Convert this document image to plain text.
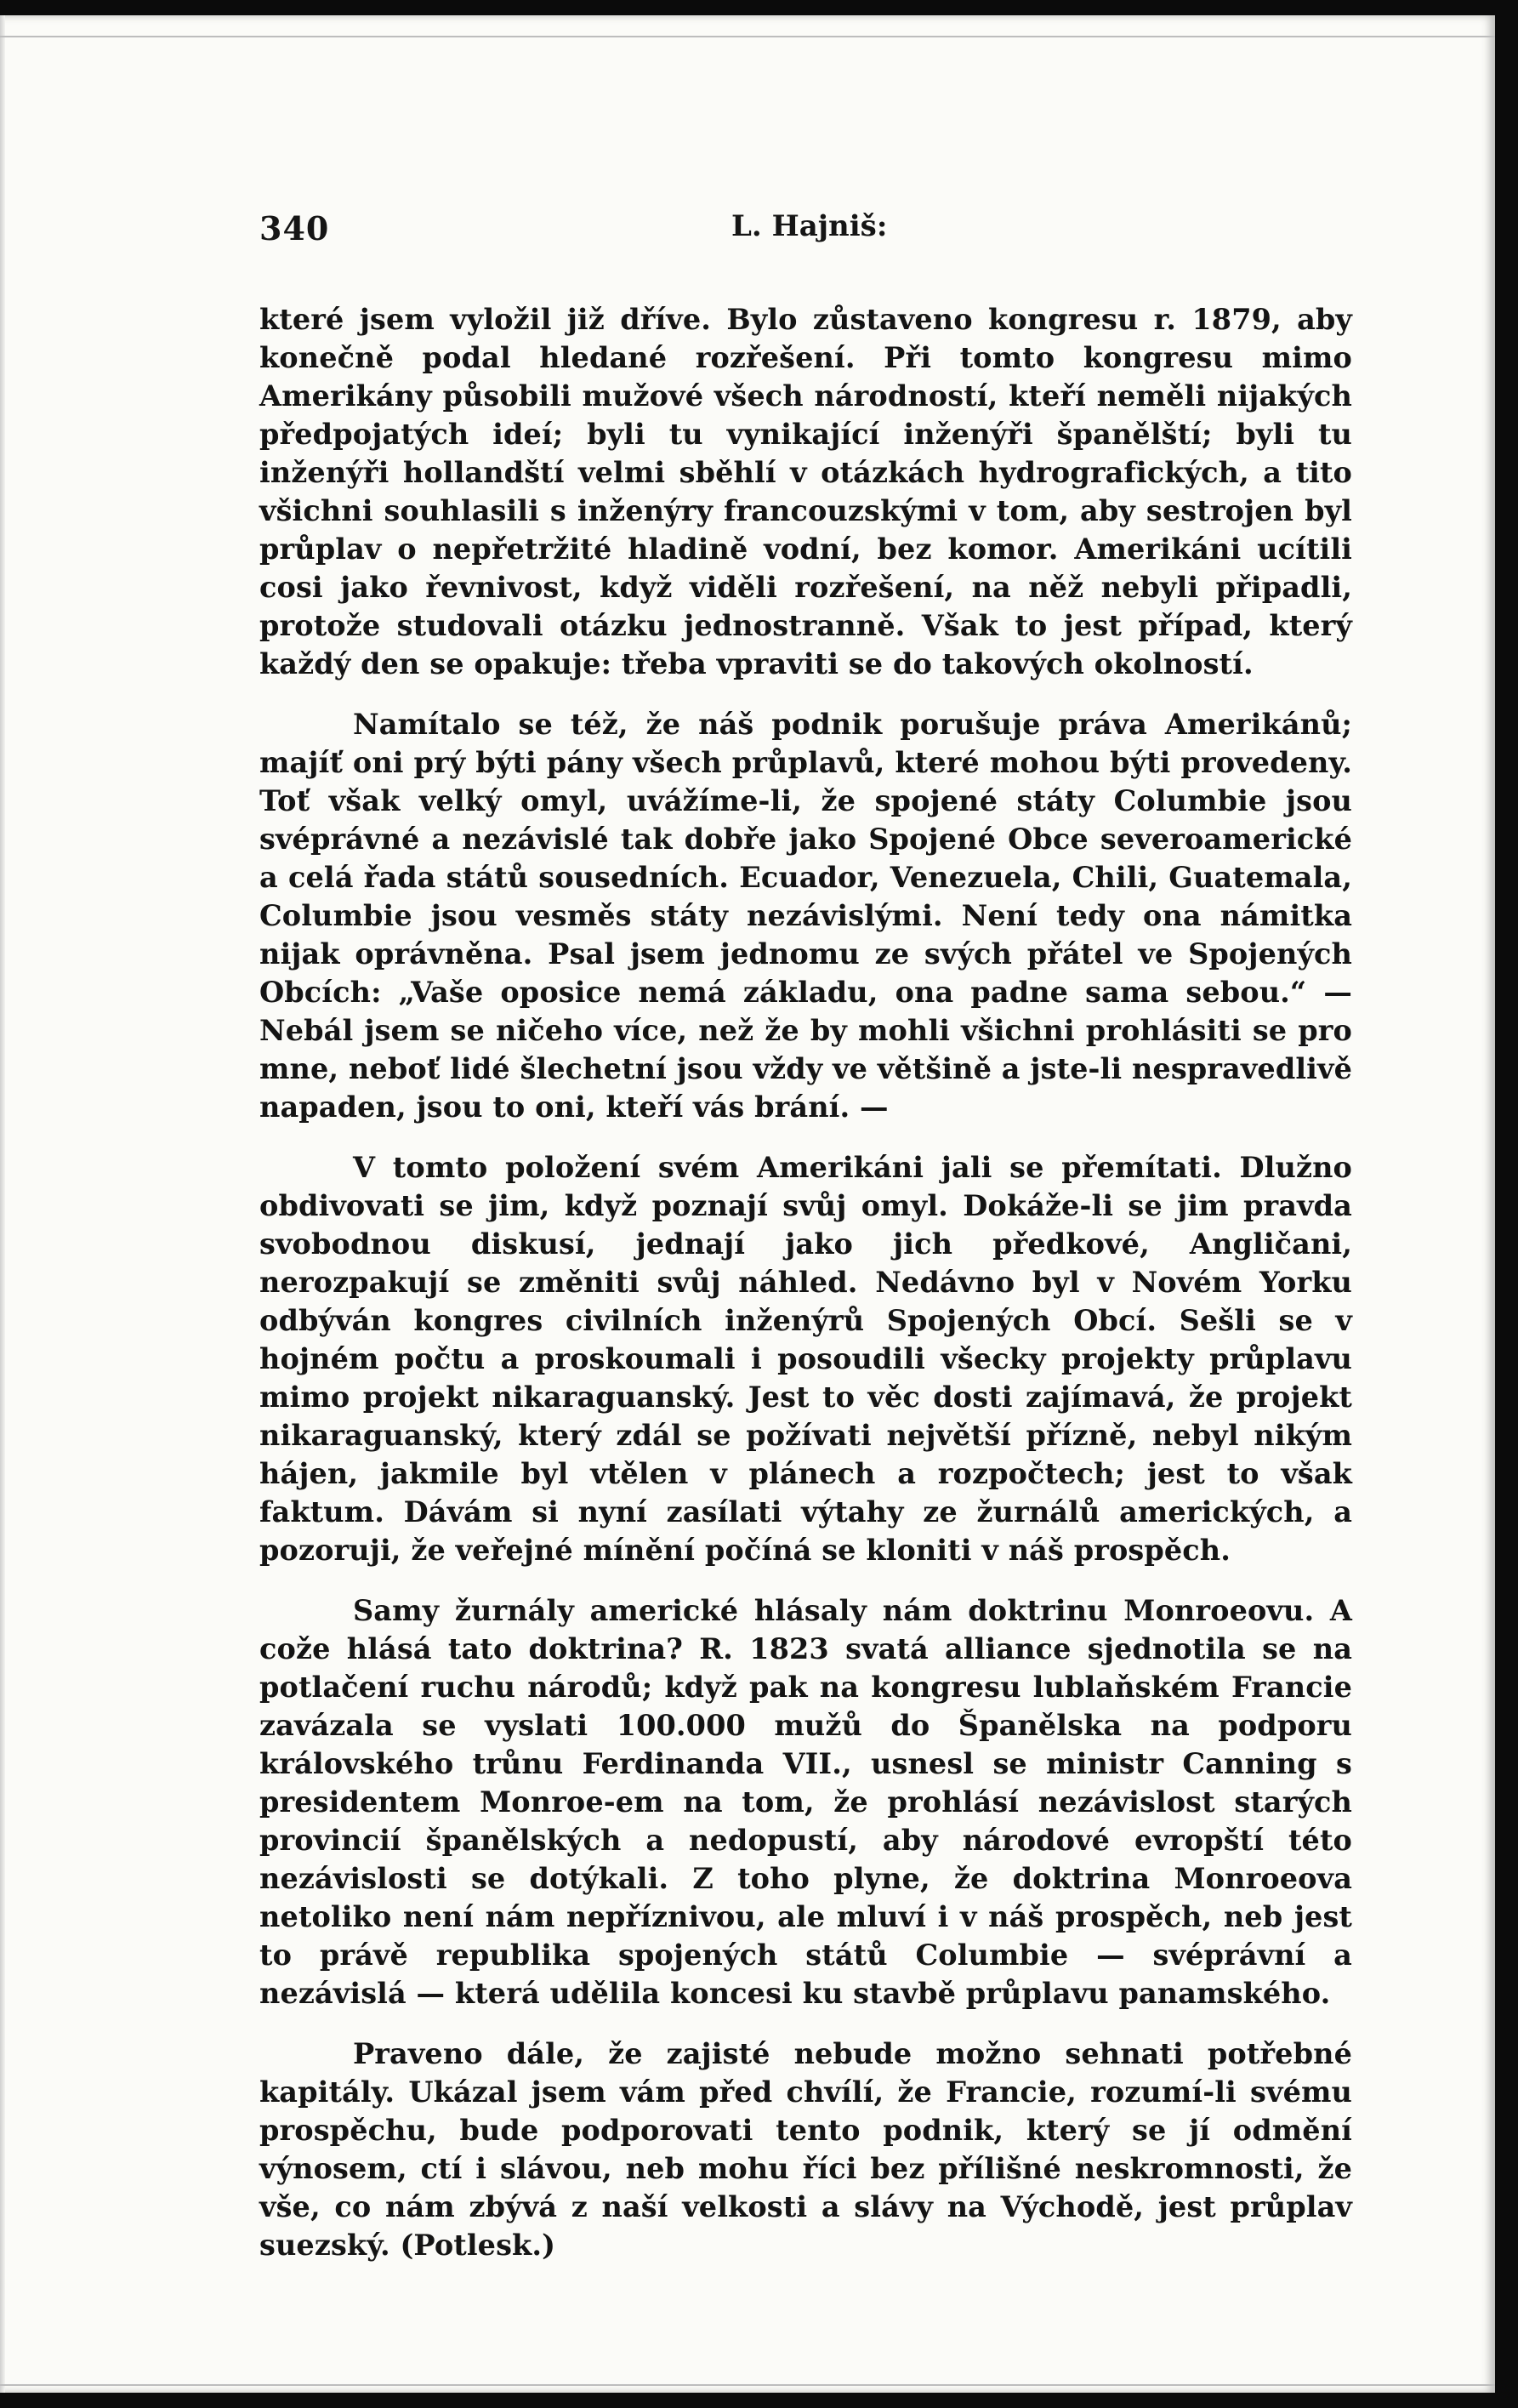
340	L. Hajniš:

které jsem vyložil již dříve. Bylo zůstaveno kongresu r. 1879, aby konečně podal hledané rozřešení. Při tomto kongresu mimo Amerikány působili mužové všech národností, kteří neměli nijakých předpojatých ideí; byli tu vynikající inženýři španělští; byli tu inženýři hollandští velmi sběhlí v otázkách hydrografických, a tito všichni souhlasili s inženýry francouzskými v tom, aby sestrojen byl průplav o nepřetržité hladině vodní, bez komor. Amerikáni ucítili cosi jako řevnivost, když viděli rozřešení, na něž nebyli připadli, protože studovali otázku jednostranně. Však to jest případ, který každý den se opakuje: třeba vpraviti se do takových okolností.

Namítalo se též, že náš podnik porušuje práva Amerikánů; majíť oni prý býti pány všech průplavů, které mohou býti provedeny. Toť však velký omyl, uvážíme-li, že spojené státy Columbie jsou svéprávné a nezávislé tak dobře jako Spojené Obce severoamerické a celá řada států sousedních. Ecuador, Venezuela, Chili, Guatemala, Columbie jsou vesměs státy nezávislými. Není tedy ona námitka nijak oprávněna. Psal jsem jednomu ze svých přátel ve Spojených Obcích: „Vaše oposice nemá základu, ona padne sama sebou.“ — Nebál jsem se ničeho více, než že by mohli všichni prohlásiti se pro mne, neboť lidé šlechetní jsou vždy ve většině a jste-li nespravedlivě napaden, jsou to oni, kteří vás brání. —

V tomto položení svém Amerikáni jali se přemítati. Dlužno obdivovati se jim, když poznají svůj omyl. Dokáže-li se jim pravda svobodnou diskusí, jednají jako jich předkové, Angličani, nerozpakují se změniti svůj náhled. Nedávno byl v Novém Yorku odbýván kongres civilních inženýrů Spojených Obcí. Sešli se v hojném počtu a proskoumali i posoudili všecky projekty průplavu mimo projekt nikaraguanský. Jest to věc dosti zajímavá, že projekt nikaraguanský, který zdál se požívati největší přízně, nebyl nikým hájen, jakmile byl vtělen v plánech a rozpočtech; jest to však faktum. Dávám si nyní zasílati výtahy ze žurnálů amerických, a pozoruji, že veřejné mínění počíná se kloniti v náš prospěch.

Samy žurnály americké hlásaly nám doktrinu Monroeovu. A cože hlásá tato doktrina? R. 1823 svatá alliance sjednotila se na potlačení ruchu národů; když pak na kongresu lublaňském Francie zavázala se vyslati 100.000 mužů do Španělska na podporu královského trůnu Ferdinanda VII., usnesl se ministr Canning s presidentem Monroe-em na tom, že prohlásí nezávislost starých provincií španělských a nedopustí, aby národové evropští této nezávislosti se dotýkali. Z toho plyne, že doktrina Monroeova netoliko není nám nepříznivou, ale mluví i v náš prospěch, neb jest to právě republika spojených států Columbie — svéprávní a nezávislá — která udělila koncesi ku stavbě průplavu panamského.

Praveno dále, že zajisté nebude možno sehnati potřebné kapitály. Ukázal jsem vám před chvílí, že Francie, rozumí-li svému prospěchu, bude podporovati tento podnik, který se jí odmění výnosem, ctí i slávou, neb mohu říci bez přílišné neskromnosti, že vše, co nám zbývá z naší velkosti a slávy na Východě, jest průplav suezský. (Potlesk.)
